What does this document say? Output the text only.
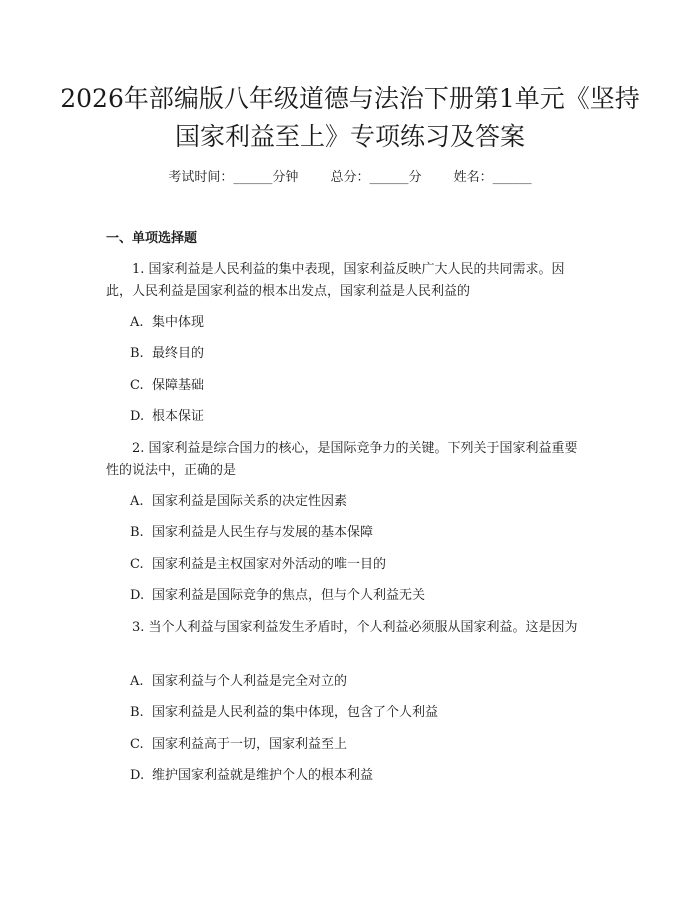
2026年部编版八年级道德与法治下册第1单元《坚持国家利益至上》专项练习及答案
考试时间：______分钟 总分：______分 姓名：______
一、单项选择题

1. 国家利益是人民利益的集中表现，国家利益反映广大人民的共同需求。因此，人民利益是国家利益的根本出发点，国家利益是人民利益的

A. 集中体现
B. 最终目的
C. 保障基础
D. 根本保证

2. 国家利益是综合国力的核心，是国际竞争力的关键。下列关于国家利益重要性的说法中，正确的是

A. 国家利益是国际关系的决定性因素
B. 国家利益是人民生存与发展的基本保障
C. 国家利益是主权国家对外活动的唯一目的
D. 国家利益是国际竞争的焦点，但与个人利益无关

3. 当个人利益与国家利益发生矛盾时，个人利益必须服从国家利益。这是因为

A. 国家利益与个人利益是完全对立的
B. 国家利益是人民利益的集中体现，包含了个人利益
C. 国家利益高于一切，国家利益至上
D. 维护国家利益就是维护个人的根本利益
